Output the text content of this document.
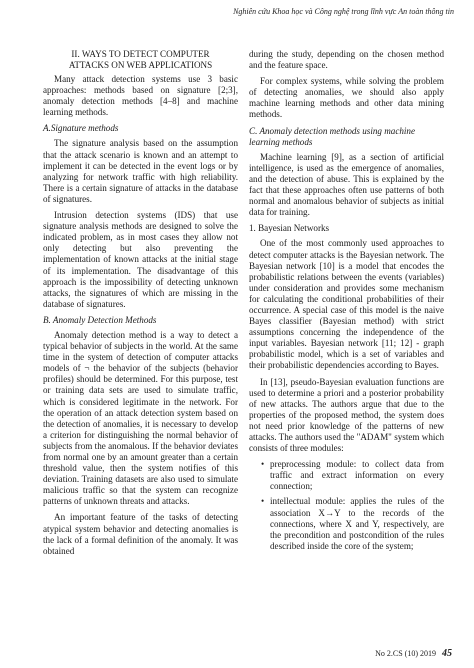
Nghiên cứu Khoa học và Công nghệ trong lĩnh vực An toàn thông tin
II. WAYS TO DETECT COMPUTER
ATTACKS ON WEB APPLICATIONS

Many attack detection systems use 3 basic approaches: methods based on signature [2;3], anomaly detection methods [4–8] and machine learning methods.

A.Signature methods

The signature analysis based on the assumption that the attack scenario is known and an attempt to implement it can be detected in the event logs or by analyzing for network traffic with high reliability. There is a certain signature of attacks in the database of signatures.

Intrusion detection systems (IDS) that use signature analysis methods are designed to solve the indicated problem, as in most cases they allow not only detecting but also preventing the implementation of known attacks at the initial stage of its implementation. The disadvantage of this approach is the impossibility of detecting unknown attacks, the signatures of which are missing in the database of signatures.

B. Anomaly Detection Methods

Anomaly detection method is a way to detect a typical behavior of subjects in the world. At the same time in the system of detection of computer attacks models of ¬ the behavior of the subjects (behavior profiles) should be determined. For this purpose, test or training data sets are used to simulate traffic, which is considered legitimate in the network. For the operation of an attack detection system based on the detection of anomalies, it is necessary to develop a criterion for distinguishing the normal behavior of subjects from the anomalous. If the behavior deviates from normal one by an amount greater than a certain threshold value, then the system notifies of this deviation. Training datasets are also used to simulate malicious traffic so that the system can recognize patterns of unknown threats and attacks.

An important feature of the tasks of detecting atypical system behavior and detecting anomalies is the lack of a formal definition of the anomaly. It was obtained

during the study, depending on the chosen method and the feature space.

For complex systems, while solving the problem of detecting anomalies, we should also apply machine learning methods and other data mining methods.

C. Anomaly detection methods using machine learning methods

Machine learning [9], as a section of artificial intelligence, is used as the emergence of anomalies, and the detection of abuse. This is explained by the fact that these approaches often use patterns of both normal and anomalous behavior of subjects as initial data for training.

1. Bayesian Networks

One of the most commonly used approaches to detect computer attacks is the Bayesian network. The Bayesian network [10] is a model that encodes the probabilistic relations between the events (variables) under consideration and provides some mechanism for calculating the conditional probabilities of their occurrence. A special case of this model is the naive Bayes classifier (Bayesian method) with strict assumptions concerning the independence of the input variables. Bayesian network [11; 12] - graph probabilistic model, which is a set of variables and their probabilistic dependencies according to Bayes.

In [13], pseudo-Bayesian evaluation functions are used to determine a priori and a posterior probability of new attacks. The authors argue that due to the properties of the proposed method, the system does not need prior knowledge of the patterns of new attacks. The authors used the "ADAM" system which consists of three modules:

• preprocessing module: to collect data from traffic and extract information on every connection;
• intellectual module: applies the rules of the association X→Y to the records of the connections, where X and Y, respectively, are the precondition and postcondition of the rules described inside the core of the system;
No 2.CS (10) 2019 45
